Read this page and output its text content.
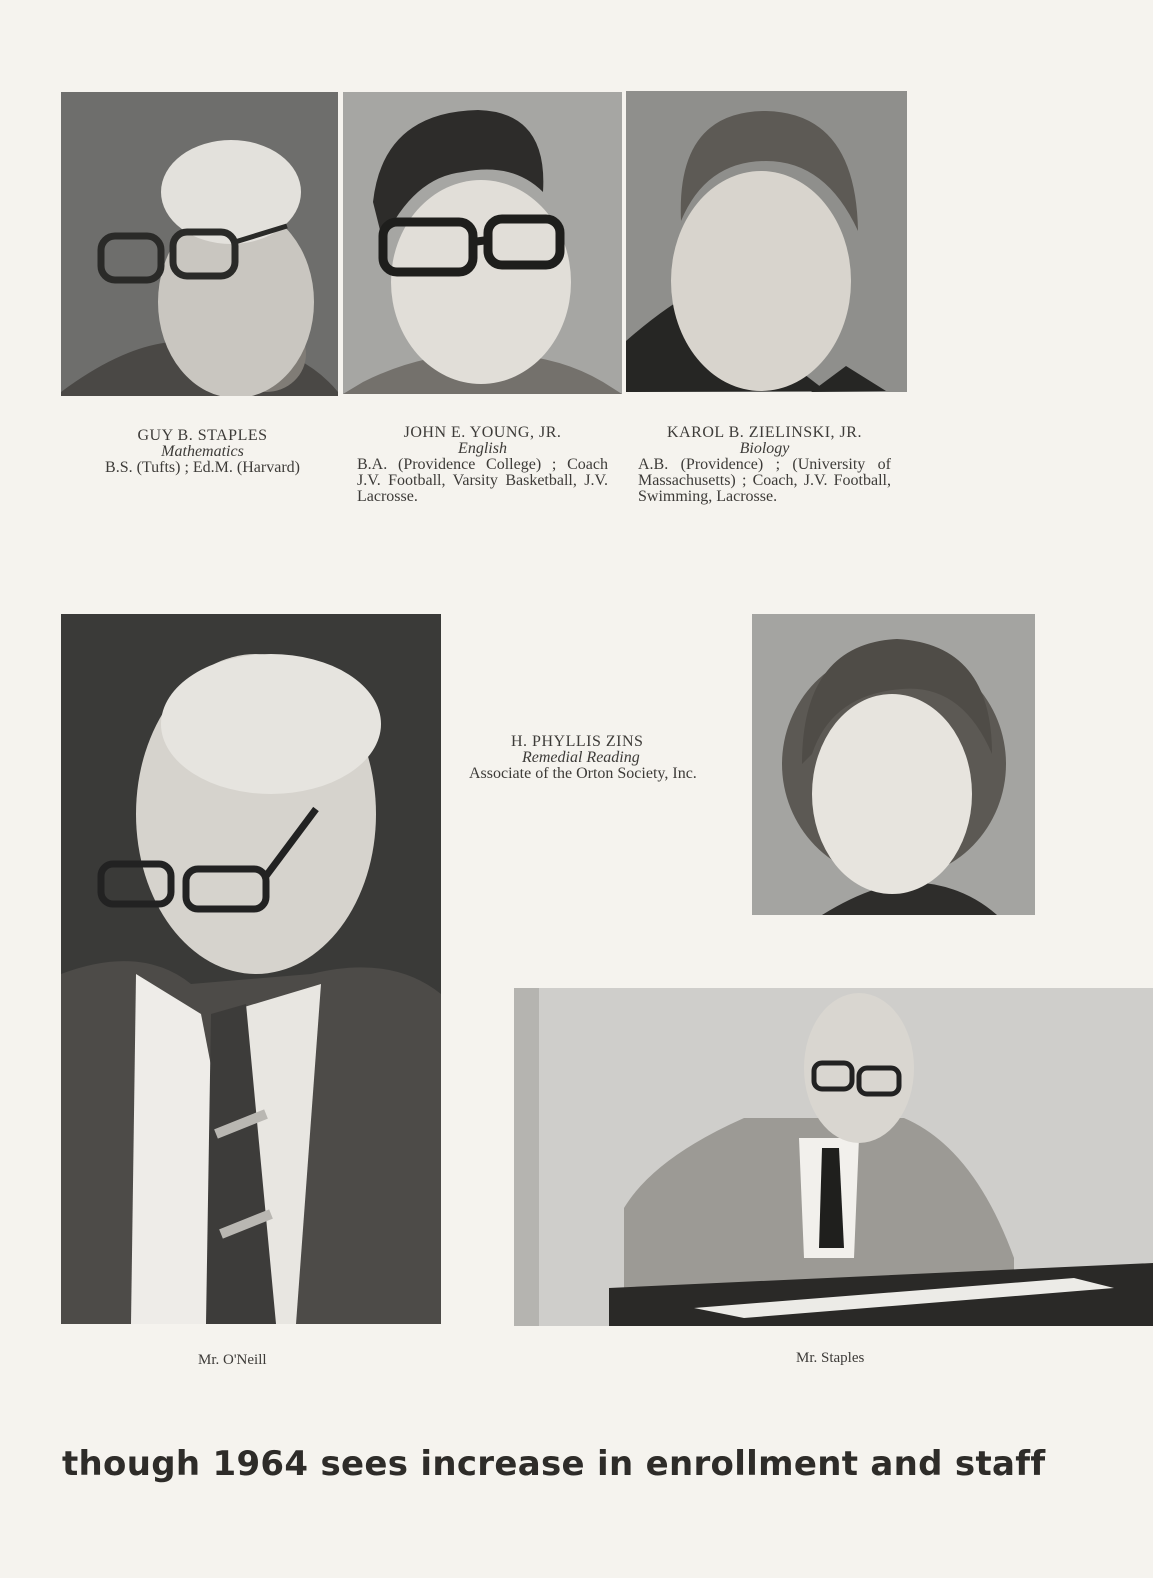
GUY B. STAPLES
Mathematics
B.S. (Tufts) ; Ed.M. (Harvard)
JOHN E. YOUNG, JR.
English
B.A. (Providence College) ; Coach J.V. Football, Varsity Basketball, J.V. Lacrosse.
KAROL B. ZIELINSKI, JR.
Biology
A.B. (Providence) ; (University of Massachusetts) ; Coach, J.V. Football, Swimming, Lacrosse.
H. PHYLLIS ZINS
Remedial Reading
Associate of the Orton Society, Inc.
Mr. O'Neill	Mr. Staples
though 1964 sees increase in enrollment and staff
